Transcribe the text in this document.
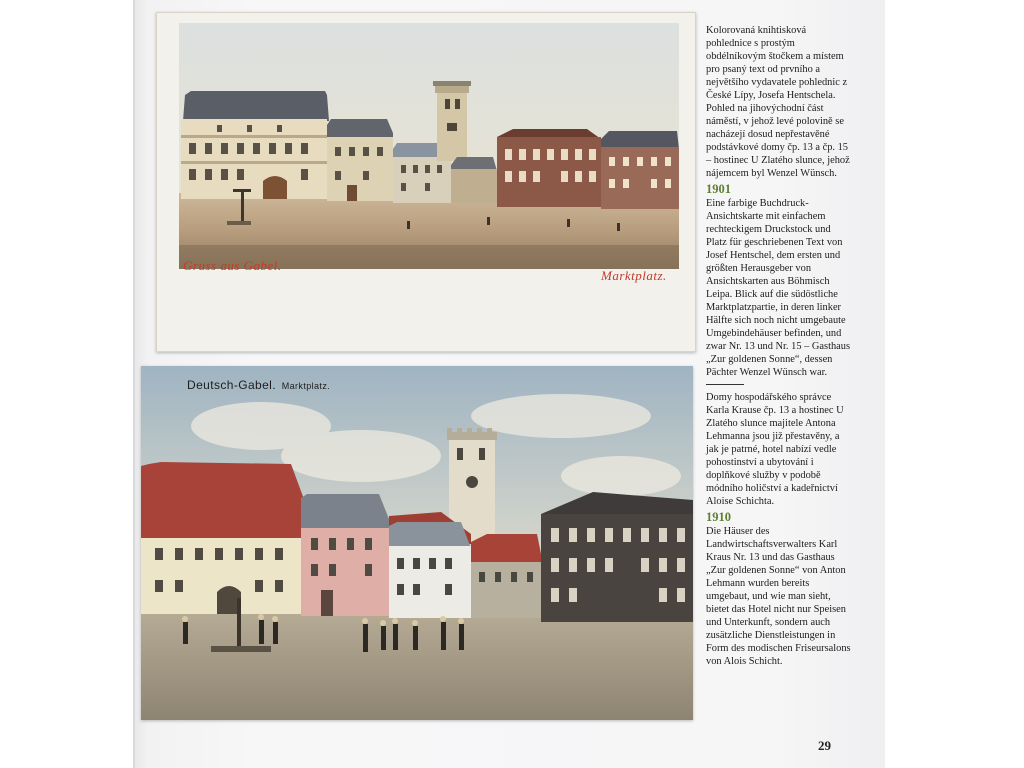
Gruss aus Gabel.
Marktplatz.
Deutsch-Gabel. Marktplatz.

Kolorovaná knihtisková pohlednice s prostým obdélníkovým štočkem a místem pro psaný text od prvního a největšího vydavatele pohlednic z České Lípy, Josefa Hentschela. Pohled na jihovýchodní část náměstí, v jehož levé polovině se nacházejí dosud nepřestavěné podstávkové domy čp. 13 a čp. 15 – hostinec U Zlatého slunce, jehož nájemcem byl Wenzel Wünsch.

1901

Eine farbige Buchdruck-Ansichtskarte mit einfachem rechteckigem Druckstock und Platz für geschriebenen Text von Josef Hentschel, dem ersten und größten Herausgeber von Ansichtskarten aus Böhmisch Leipa. Blick auf die südöstliche Marktplatzpartie, in deren linker Hälfte sich noch nicht umgebaute Umgebindehäuser befinden, und zwar Nr. 13 und Nr. 15 – Gasthaus „Zur goldenen Sonne“, dessen Pächter Wenzel Wünsch war.

Domy hospodářského správce Karla Krause čp. 13 a hostinec U Zlatého slunce majitele Antona Lehmanna jsou již přestavěny, a jak je patrné, hotel nabízí vedle pohostinství a ubytování i doplňkové služby v podobě módního holičství a kadeřnictví Aloise Schichta.

1910

Die Häuser des Landwirtschaftsverwalters Karl Kraus Nr. 13 und das Gasthaus „Zur goldenen Sonne“ von Anton Lehmann wurden bereits umgebaut, und wie man sieht, bietet das Hotel nicht nur Speisen und Unterkunft, sondern auch zusätzliche Dienstleistungen in Form des modischen Friseursalons von Alois Schicht.

29
